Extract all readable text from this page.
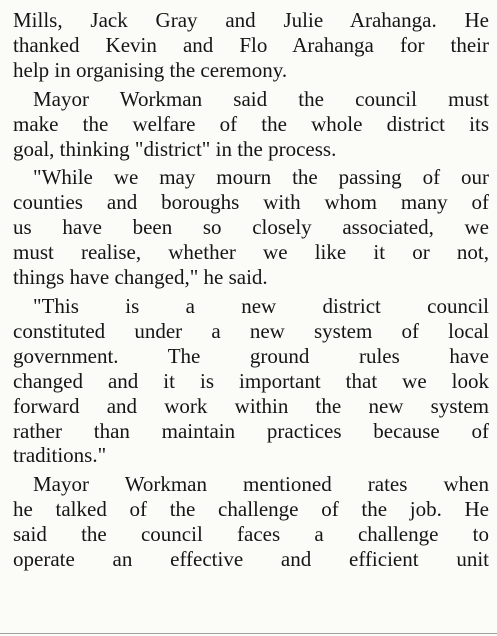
Mills, Jack Gray and Julie Arahanga. He
thanked Kevin and Flo Arahanga for their
help in organising the ceremony.

Mayor Workman said the council must
make the welfare of the whole district its
goal, thinking "district" in the process.

"While we may mourn the passing of our
counties and boroughs with whom many of
us have been so closely associated, we
must realise, whether we like it or not,
things have changed," he said.

"This is a new district council
constituted under a new system of local
government. The ground rules have
changed and it is important that we look
forward and work within the new system
rather than maintain practices because of
traditions."

Mayor Workman mentioned rates when
he talked of the challenge of the job. He
said the council faces a challenge to
operate an effective and efficient unit
